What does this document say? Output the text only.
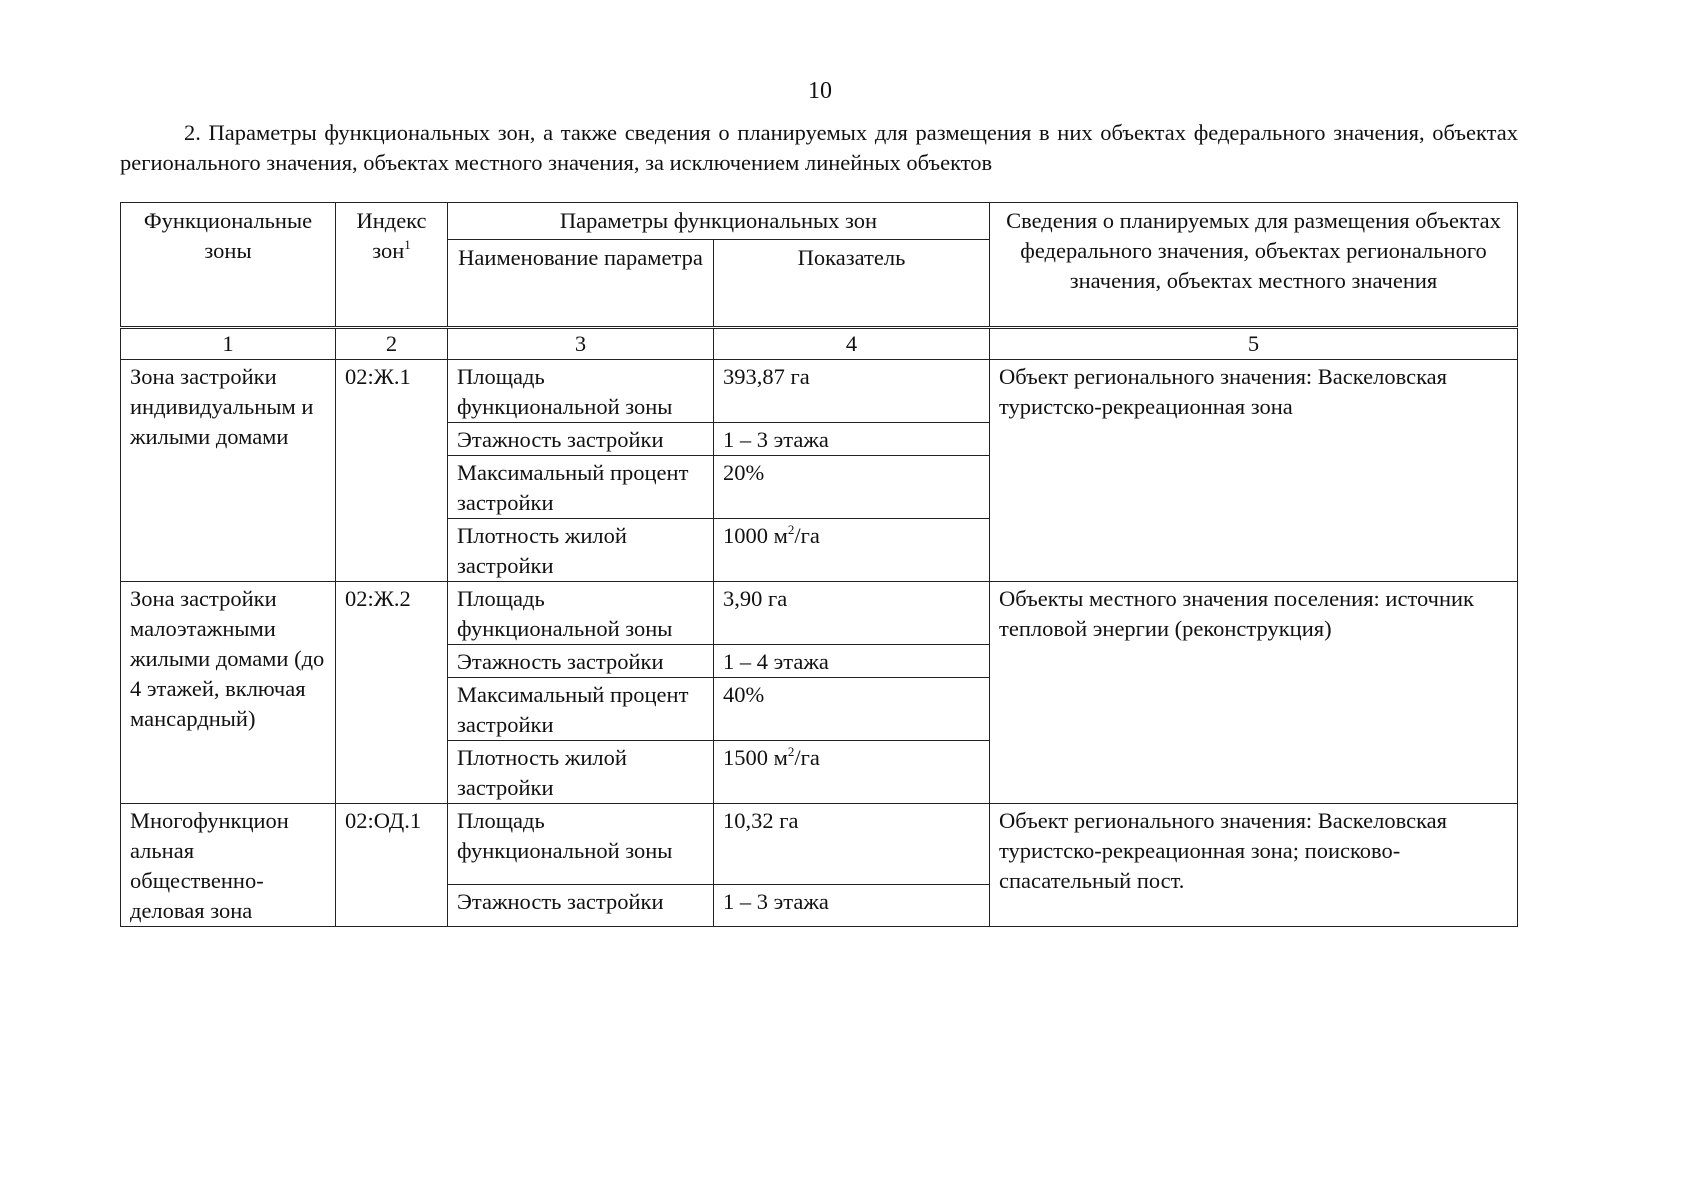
10
2. Параметры функциональных зон, а также сведения о планируемых для размещения в них объектах федерального значения, объектах регионального значения, объектах местного значения, за исключением линейных объектов
Функциональные зоны	Индекс зон$^1$	Параметры функциональных зон		Сведения о планируемых для размещения объектах федерального значения, объектах регионального значения, объектах местного значения
		Наименование параметра	Показатель	
1	2	3	4	5
Зона застройки индивидуальным и жилыми домами	02:Ж.1	Площадь функциональной зоны	393,87 га	Объект регионального значения: Васкеловская туристско-рекреационная зона
		Этажность застройки	1 – 3 этажа	
		Максимальный процент застройки	20%	
		Плотность жилой застройки	1000 $м^2/га$	
Зона застройки малоэтажными жилыми домами (до 4 этажей, включая мансардный)	02:Ж.2	Площадь функциональной зоны	3,90 га	Объекты местного значения поселения: источник тепловой энергии (реконструкция)
		Этажность застройки	1 – 4 этажа	
		Максимальный процент застройки	40%	
		Плотность жилой застройки	1500 $м^2/га$	
Многофункцион альная общественно-деловая зона	02:ОД.1	Площадь функциональной зоны	10,32 га	Объект регионального значения: Васкеловская туристско-рекреационная зона; поисково-спасательный пост.
		Этажность застройки	1 – 3 этажа	
